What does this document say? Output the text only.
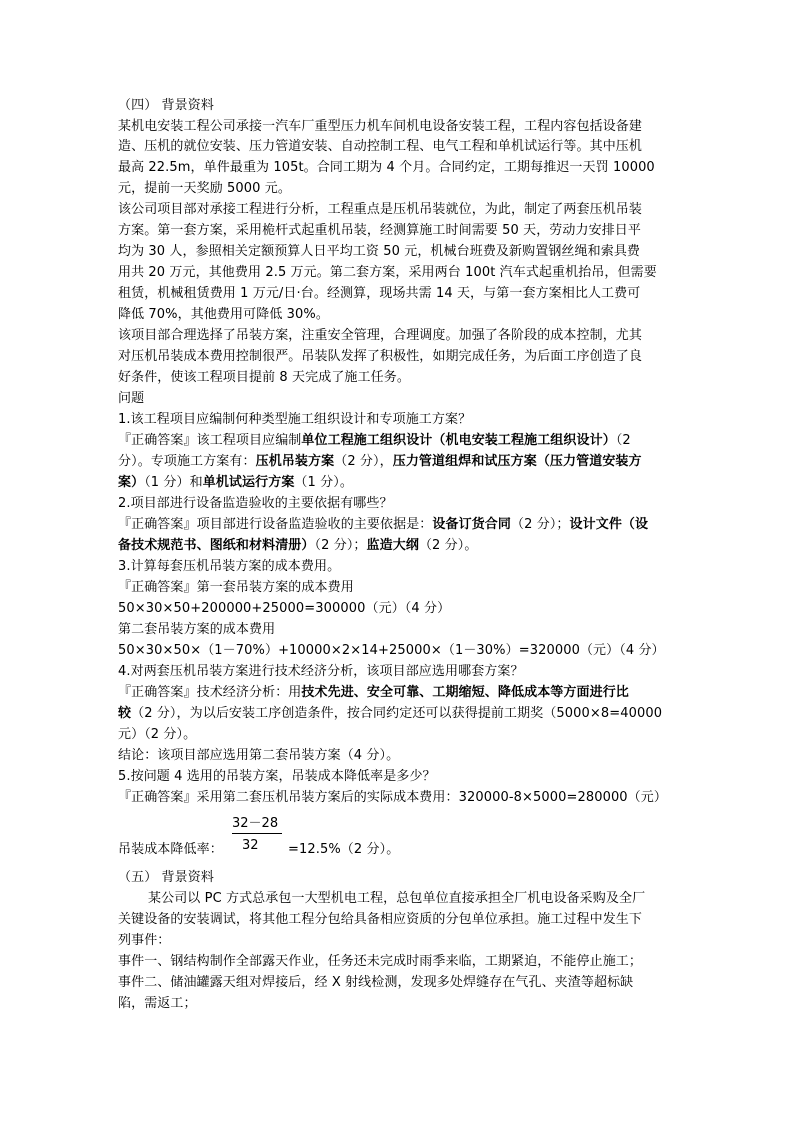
（四） 背景资料
某机电安装工程公司承接一汽车厂重型压力机车间机电设备安装工程，工程内容包括设备建
造、压机的就位安装、压力管道安装、自动控制工程、电气工程和单机试运行等。其中压机
最高 22.5m，单件最重为 105t。合同工期为 4 个月。合同约定，工期每推迟一天罚 10000
元，提前一天奖励 5000 元。
该公司项目部对承接工程进行分析，工程重点是压机吊装就位，为此，制定了两套压机吊装
方案。第一套方案，采用桅杆式起重机吊装，经测算施工时间需要 50 天，劳动力安排日平
均为 30 人，参照相关定额预算人日平均工资 50 元，机械台班费及新购置钢丝绳和索具费
用共 20 万元，其他费用 2.5 万元。第二套方案，采用两台 100t 汽车式起重机抬吊，但需要
租赁，机械租赁费用 1 万元/日·台。经测算，现场共需 14 天，与第一套方案相比人工费可
降低 70%，其他费用可降低 30%。
该项目部合理选择了吊装方案，注重安全管理，合理调度。加强了各阶段的成本控制，尤其
对压机吊装成本费用控制很严。吊装队发挥了积极性，如期完成任务，为后面工序创造了良
好条件，使该工程项目提前 8 天完成了施工任务。
问题
1.该工程项目应编制何种类型施工组织设计和专项施工方案？
『正确答案』该工程项目应编制单位工程施工组织设计（机电安装工程施工组织设计）（2
分）。专项施工方案有：压机吊装方案（2 分），压力管道组焊和试压方案（压力管道安装方
案）（1 分）和单机试运行方案（1 分）。
2.项目部进行设备监造验收的主要依据有哪些？
『正确答案』项目部进行设备监造验收的主要依据是：设备订货合同（2 分）；设计文件（设
备技术规范书、图纸和材料清册）（2 分）；监造大纲（2 分）。
3.计算每套压机吊装方案的成本费用。
『正确答案』第一套吊装方案的成本费用
50×30×50+200000+25000=300000（元）（4 分）
第二套吊装方案的成本费用
50×30×50×（1－70%）+10000×2×14+25000×（1－30%）=320000（元）（4 分）
4.对两套压机吊装方案进行技术经济分析，该项目部应选用哪套方案？
『正确答案』技术经济分析：用技术先进、安全可靠、工期缩短、降低成本等方面进行比
较（2 分），为以后安装工序创造条件，按合同约定还可以获得提前工期奖（5000×8=40000
元）（2 分）。
结论：该项目部应选用第二套吊装方案（4 分）。
5.按问题 4 选用的吊装方案，吊装成本降低率是多少？
『正确答案』采用第二套压机吊装方案后的实际成本费用：320000-8×5000=280000（元）
32－28
32
吊装成本降低率：	=12.5%（2 分）。
（五） 背景资料
某公司以 PC 方式总承包一大型机电工程，总包单位直接承担全厂机电设备采购及全厂
关键设备的安装调试，将其他工程分包给具备相应资质的分包单位承担。施工过程中发生下
列事件：
事件一、钢结构制作全部露天作业，任务还未完成时雨季来临，工期紧迫，不能停止施工；
事件二、储油罐露天组对焊接后，经 X 射线检测，发现多处焊缝存在气孔、夹渣等超标缺
陷，需返工；
